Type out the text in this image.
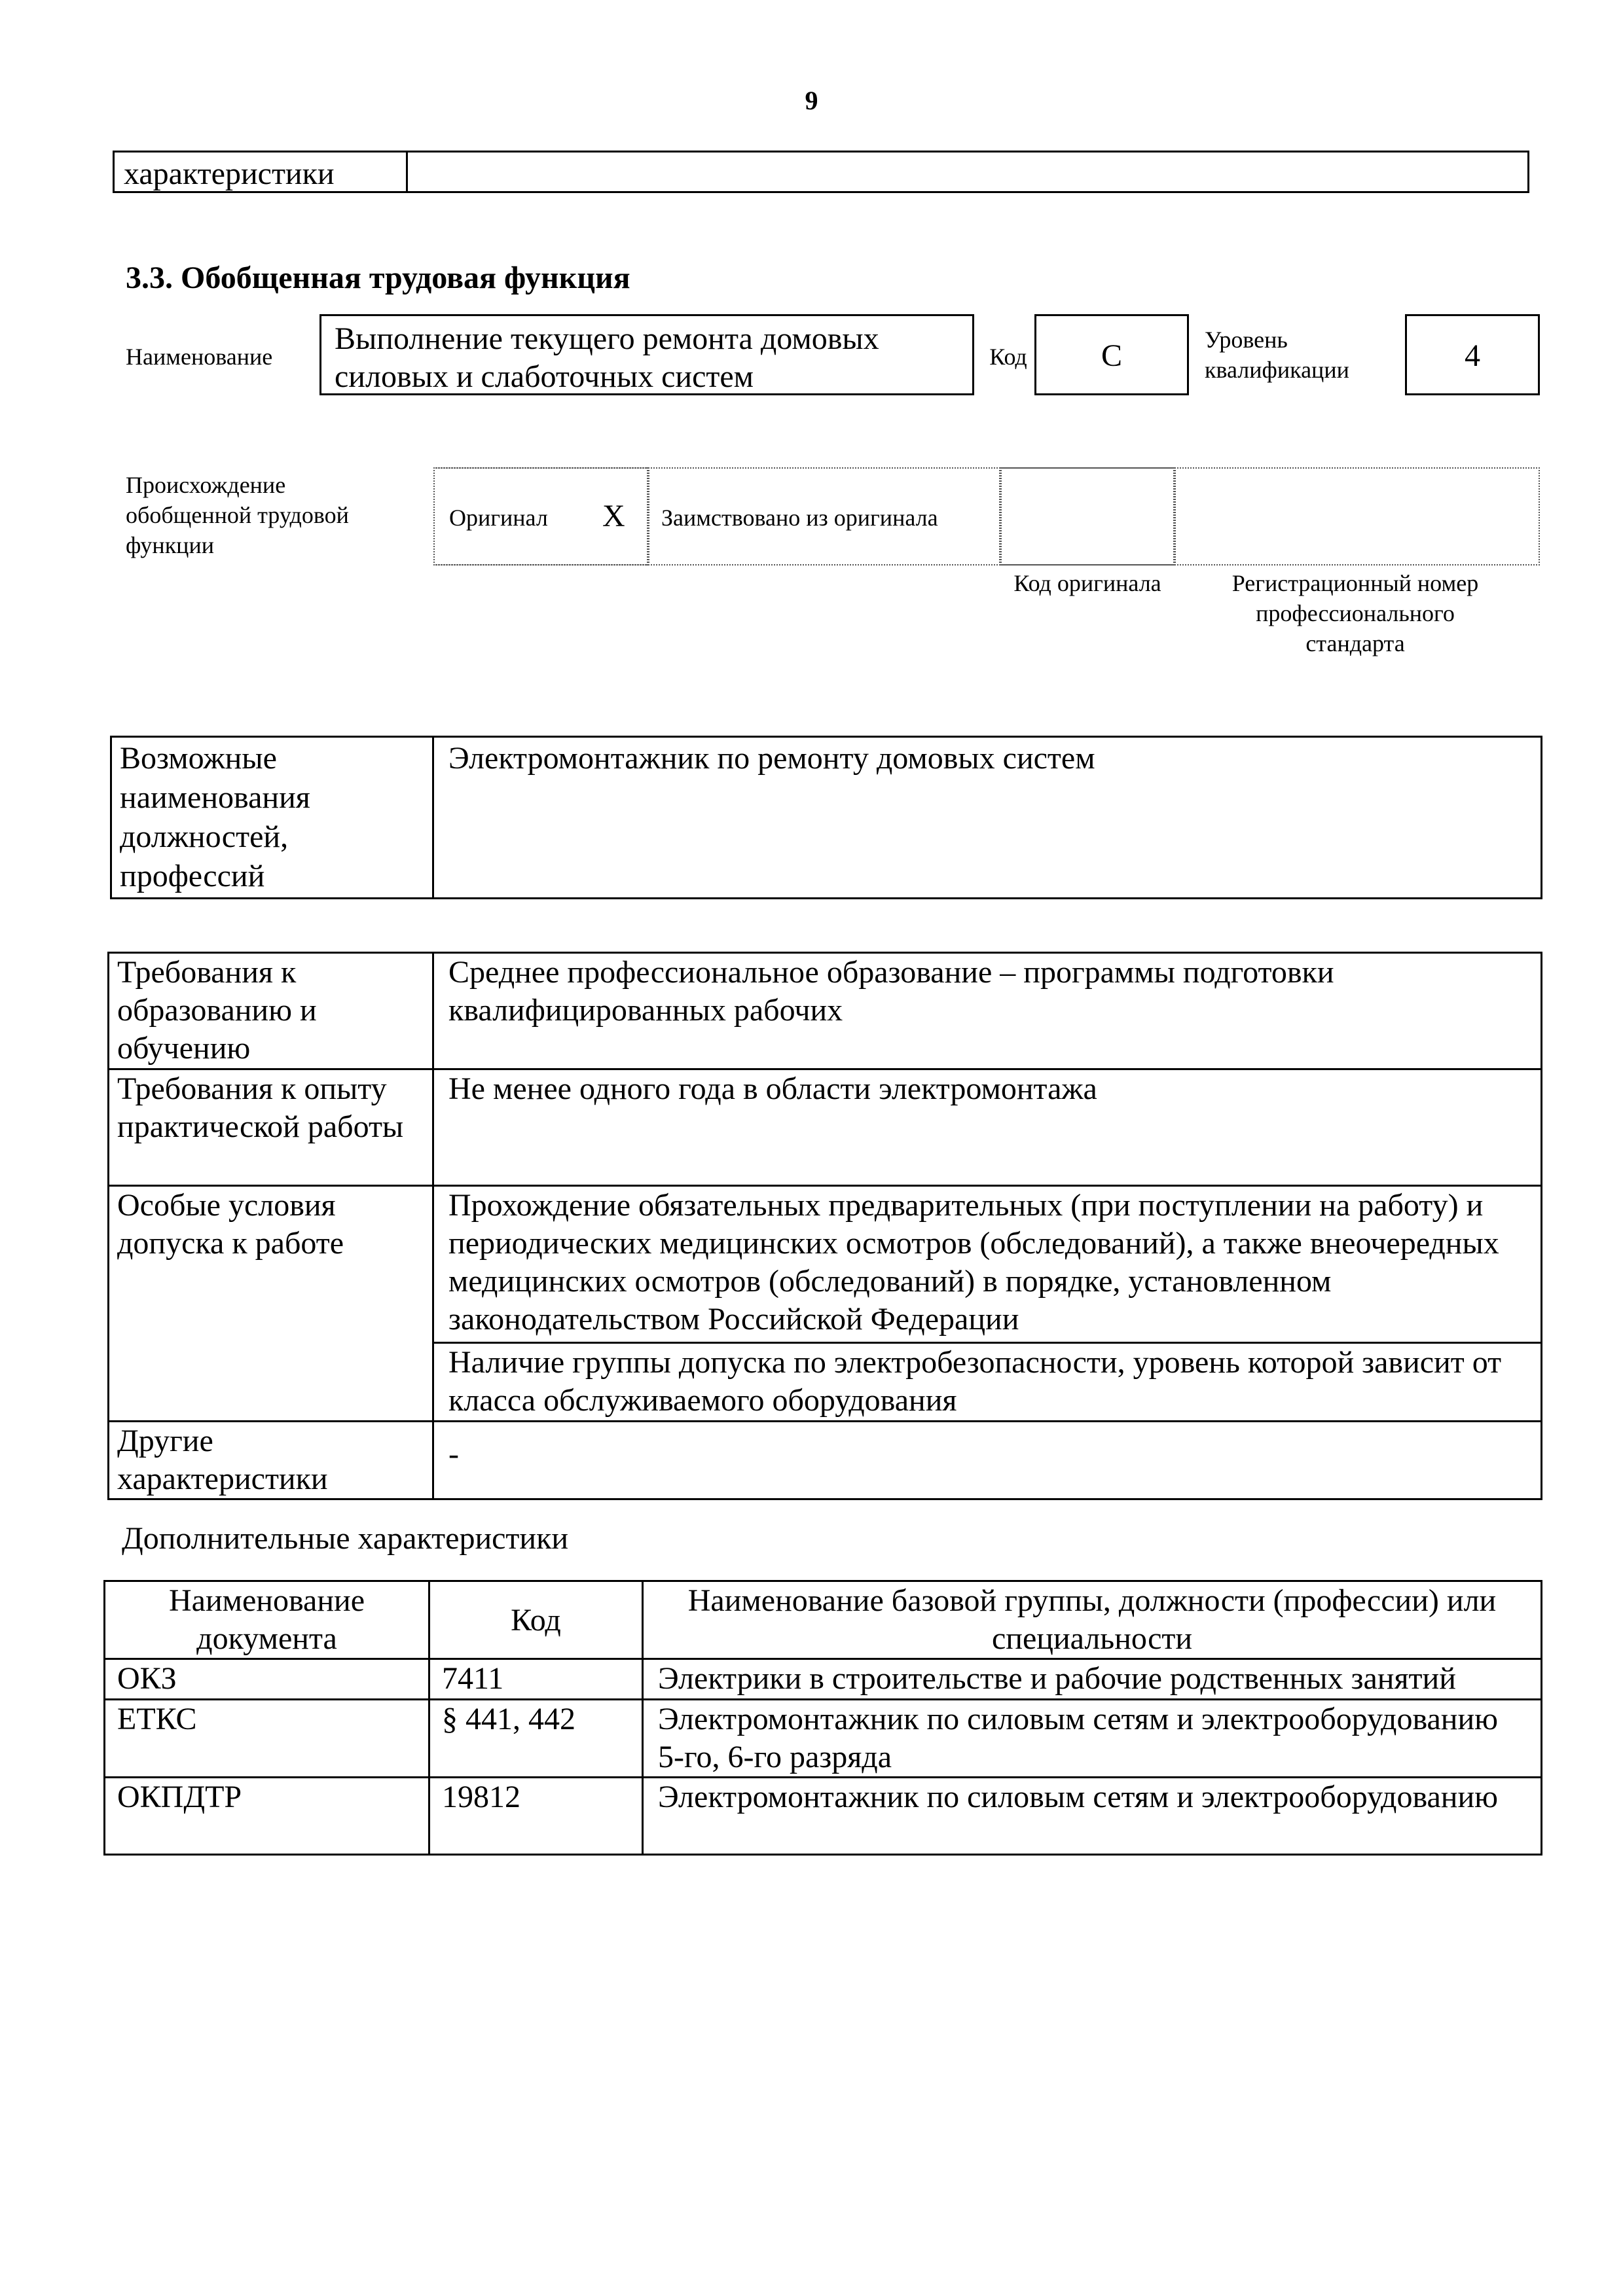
9
характеристики	
3.3. Обобщенная трудовая функция
Наименование
Выполнение текущего ремонта домовых силовых и слаботочных систем
Код	С	Уровень квалификации	4
Происхождение обобщенной трудовой функции
Оригинал X Заимствовано из оригинала
Код оригинала	Регистрационный номер профессионального стандарта
Возможные наименования должностей, профессий	Электромонтажник по ремонту домовых систем
Требования к образованию и обучению	Среднее профессиональное образование – программы подготовки квалифицированных рабочих
Требования к опыту практической работы	Не менее одного года в области электромонтажа
Особые условия допуска к работе	Прохождение обязательных предварительных (при поступлении на работу) и периодических медицинских осмотров (обследований), а также внеочередных медицинских осмотров (обследований) в порядке, установленном законодательством Российской Федерации
	Наличие группы допуска по электробезопасности, уровень которой зависит от класса обслуживаемого оборудования
Другие характеристики	-
Дополнительные характеристики
Наименование документа	Код	Наименование базовой группы, должности (профессии) или специальности
ОКЗ	7411	Электрики в строительстве и рабочие родственных занятий
ЕТКС	§ 441, 442	Электромонтажник по силовым сетям и электрооборудованию 5-го, 6-го разряда
ОКПДТР	19812	Электромонтажник по силовым сетям и электрооборудованию
